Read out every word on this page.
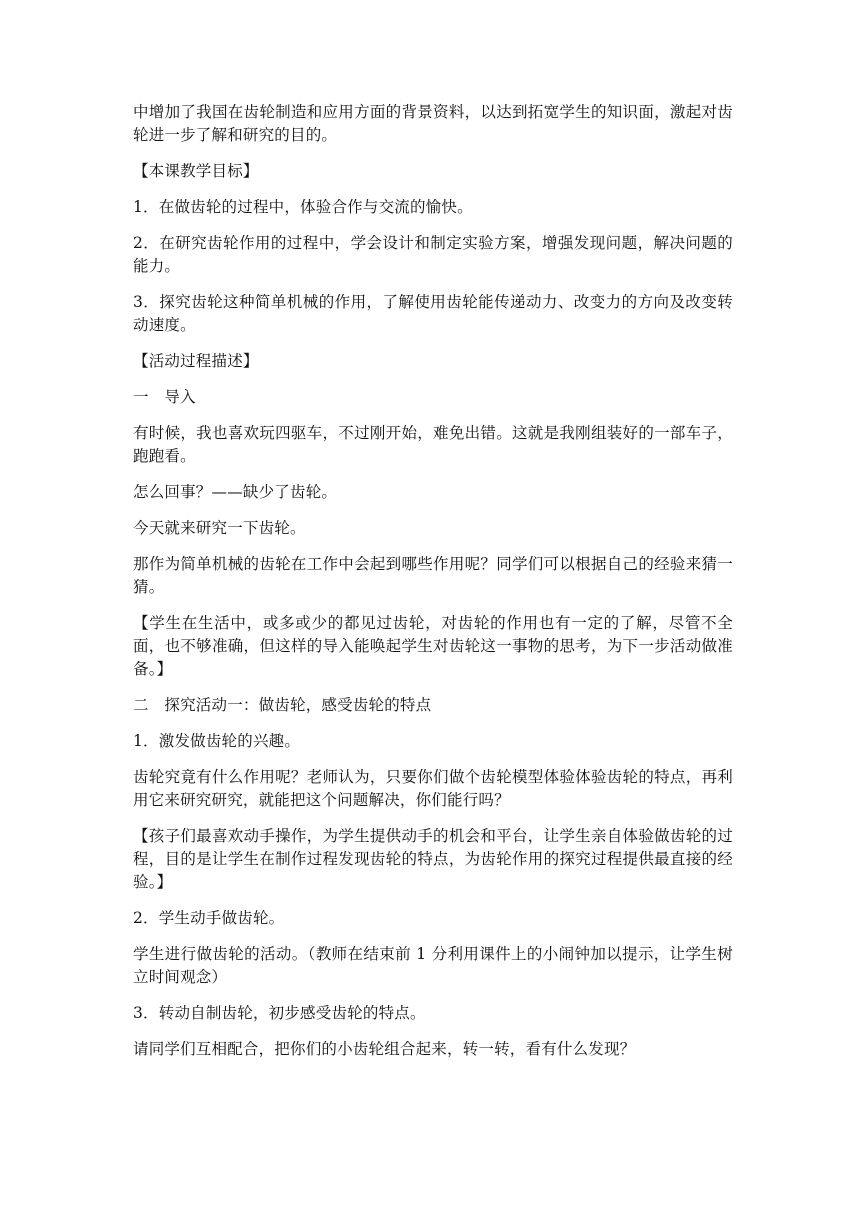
中增加了我国在齿轮制造和应用方面的背景资料，以达到拓宽学生的知识面，激起对齿轮进一步了解和研究的目的。

【本课教学目标】

1．在做齿轮的过程中，体验合作与交流的愉快。

2．在研究齿轮作用的过程中，学会设计和制定实验方案，增强发现问题，解决问题的能力。

3．探究齿轮这种简单机械的作用，了解使用齿轮能传递动力、改变力的方向及改变转动速度。

【活动过程描述】

一　导入

有时候，我也喜欢玩四驱车，不过刚开始，难免出错。这就是我刚组装好的一部车子，跑跑看。

怎么回事？——缺少了齿轮。

今天就来研究一下齿轮。

那作为简单机械的齿轮在工作中会起到哪些作用呢？同学们可以根据自己的经验来猜一猜。

【学生在生活中，或多或少的都见过齿轮，对齿轮的作用也有一定的了解，尽管不全面，也不够准确，但这样的导入能唤起学生对齿轮这一事物的思考，为下一步活动做准备。】

二　探究活动一：做齿轮，感受齿轮的特点

1．激发做齿轮的兴趣。

齿轮究竟有什么作用呢？老师认为，只要你们做个齿轮模型体验体验齿轮的特点，再利用它来研究研究，就能把这个问题解决，你们能行吗？

【孩子们最喜欢动手操作，为学生提供动手的机会和平台，让学生亲自体验做齿轮的过程，目的是让学生在制作过程发现齿轮的特点，为齿轮作用的探究过程提供最直接的经验。】

2．学生动手做齿轮。

学生进行做齿轮的活动。（教师在结束前 1 分利用课件上的小闹钟加以提示，让学生树立时间观念）

3．转动自制齿轮，初步感受齿轮的特点。

请同学们互相配合，把你们的小齿轮组合起来，转一转，看有什么发现？
